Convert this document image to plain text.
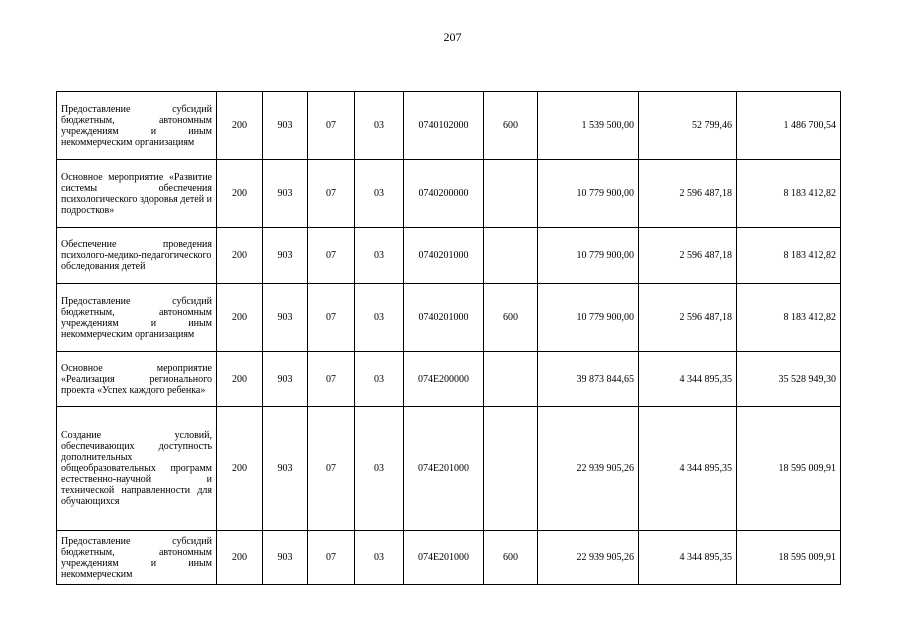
207
Предоставление субсидий бюджетным, автономным учреждениям и иным некоммерческим организациям	200	903	07	03	0740102000	600	1 539 500,00	52 799,46	1 486 700,54

Основное мероприятие «Развитие системы обеспечения психологического здоровья детей и подростков»	200	903	07	03	0740200000		10 779 900,00	2 596 487,18	8 183 412,82

Обеспечение проведения психолого-медико-педагогического обследования детей	200	903	07	03	0740201000		10 779 900,00	2 596 487,18	8 183 412,82

Предоставление субсидий бюджетным, автономным учреждениям и иным некоммерческим организациям	200	903	07	03	0740201000	600	10 779 900,00	2 596 487,18	8 183 412,82

Основное мероприятие «Реализация регионального проекта «Успех каждого ребенка»	200	903	07	03	074E200000		39 873 844,65	4 344 895,35	35 528 949,30

Создание условий, обеспечивающих доступность дополнительных общеобразовательных программ естественно-научной и технической направленности для обучающихся	200	903	07	03	074E201000		22 939 905,26	4 344 895,35	18 595 009,91

Предоставление субсидий бюджетным, автономным учреждениям и иным некоммерческим	200	903	07	03	074E201000	600	22 939 905,26	4 344 895,35	18 595 009,91
